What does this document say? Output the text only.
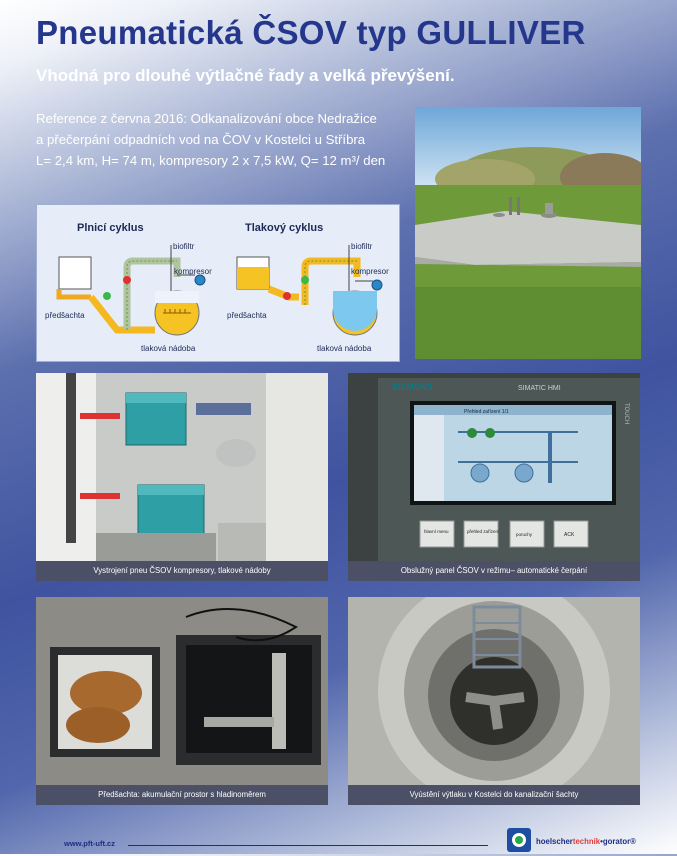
Pneumatická ČSOV typ GULLIVER
Vhodná pro dlouhé výtlačné řady a velká převýšení.
Reference z června 2016: Odkanalizování obce Nedražice
a přečerpání odpadních vod na ČOV v Kostelci u Stříbra
L= 2,4 km, H= 74 m, kompresory 2 x 7,5 kW, Q= 12 m³/ den
Plnicí cyklus
biofiltr
kompresor
předšachta
tlaková nádoba
Tlakový cyklus
biofiltr
kompresor
předšachta
tlaková nádoba
Vystrojení pneu ČSOV kompresory, tlakové nádoby
SIEMENS	SIMATIC HMI
TOUCH
Přehled zařízení 1/1
hlavní menu	přehled zařízení
poruchy	ACK
Obslužný panel ČSOV v režimu– automatické čerpání
Předšachta: akumulační prostor s hladinoměrem	Vyústění výtlaku v Kostelci do kanalizační šachty
www.pft-uft.cz	hoelschertechnik•gorator®
